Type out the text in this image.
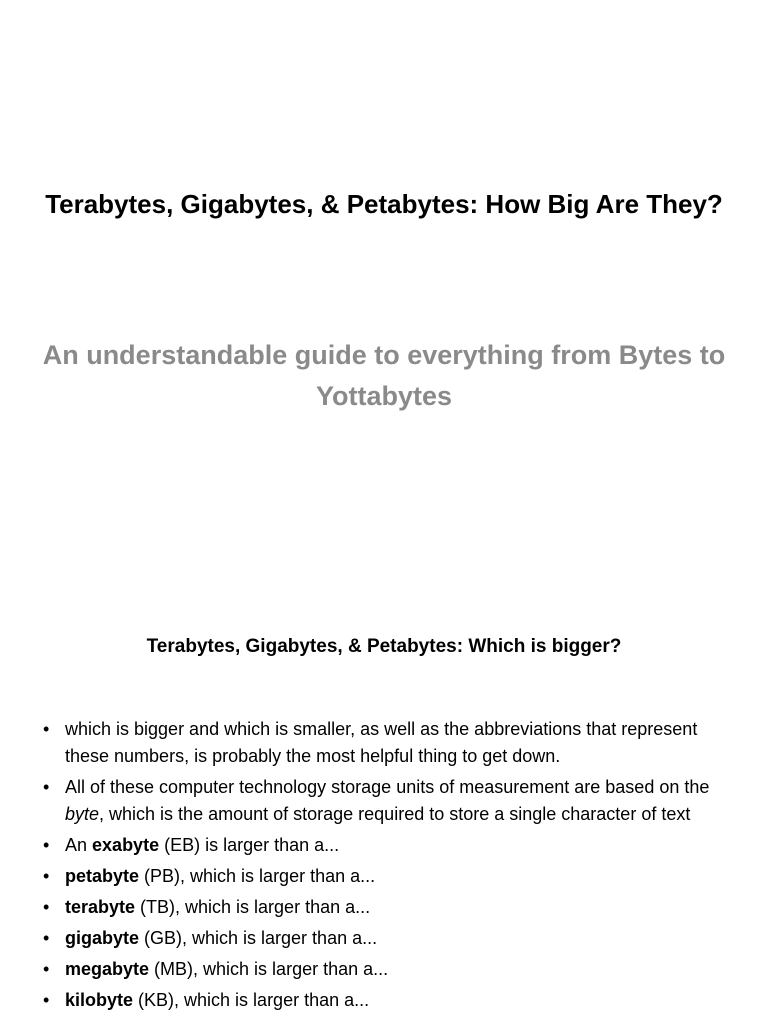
Terabytes, Gigabytes, & Petabytes: How Big Are They?
An understandable guide to everything from Bytes to Yottabytes
Terabytes, Gigabytes, & Petabytes: Which is bigger?
• which is bigger and which is smaller, as well as the abbreviations that represent these numbers, is probably the most helpful thing to get down.
• All of these computer technology storage units of measurement are based on the byte, which is the amount of storage required to store a single character of text
• An exabyte (EB) is larger than a...
• petabyte (PB), which is larger than a...
• terabyte (TB), which is larger than a...
• gigabyte (GB), which is larger than a...
• megabyte (MB), which is larger than a...
• kilobyte (KB), which is larger than a...
